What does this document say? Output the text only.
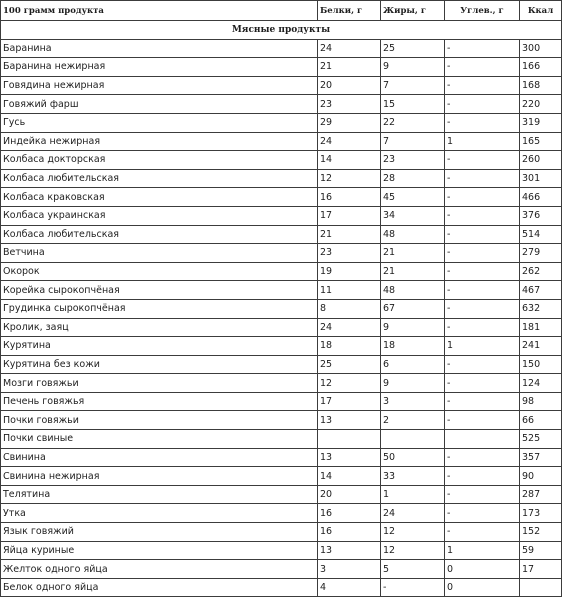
100 грамм продукта	Белки, г	Жиры, г	Углев., г	Ккал
Мясные продукты				
Баранина	24	25	-	300
Баранина нежирная	21	9	-	166
Говядина нежирная	20	7	-	168
Говяжий фарш	23	15	-	220
Гусь	29	22	-	319
Индейка нежирная	24	7	1	165
Колбаса докторская	14	23	-	260
Колбаса любительская	12	28	-	301
Колбаса краковская	16	45	-	466
Колбаса украинская	17	34	-	376
Колбаса любительская	21	48	-	514
Ветчина	23	21	-	279
Окорок	19	21	-	262
Корейка сырокопчёная	11	48	-	467
Грудинка сырокопчёная	8	67	-	632
Кролик, заяц	24	9	-	181
Курятина	18	18	1	241
Курятина без кожи	25	6	-	150
Мозги говяжьи	12	9	-	124
Печень говяжья	17	3	-	98
Почки говяжьи	13	2	-	66
Почки свиные				525
Свинина	13	50	-	357
Свинина нежирная	14	33	-	90
Телятина	20	1	-	287
Утка	16	24	-	173
Язык говяжий	16	12	-	152
Яйца куриные	13	12	1	59
Желток одного яйца	3	5	0	17
Белок одного яйца	4	-	0	
